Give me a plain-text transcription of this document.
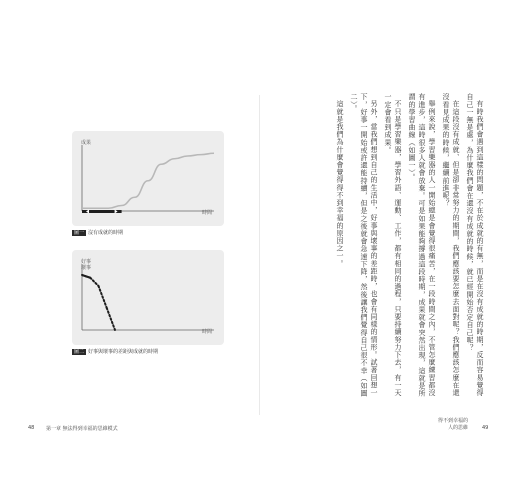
成果
時間
圖一 沒有成就的時期
好事
壞事
時間
圖二 好事與壞事的差距與成就的時期	有時我們會遇到這樣的問題，不在於成就的有無，而是在沒有成就的時期，反而容易覺得自己一無是處，為什麼我們會在還沒有成就的時候，就已經開始否定自己呢？

在這段沒有成就、但是卻非常努力的期間，我們應該要怎麼去面對呢？我們應該怎麼在還沒看見成果的時候，繼續前進呢？

舉例來說，學習樂器的人一開始總是會覺得很痛苦，在一段時間之內，不管怎麼練習都沒有進步，這時很多人就會放棄。可是如果能夠撐過這段時期，成果就會突然出現，這就是所謂的學習曲線（如圖一）。

不只是學習樂器，學習外語、運動、工作，都有相同的過程，只要持續努力下去，有一天一定會看到成果。

另外，當我們想到自己的生活中，好事與壞事的差距時，也會有同樣的情形。試著回想一下，好事一開始或許還能持續，但是之後就會急速下降，然後讓我們覺得自己很不幸（如圖二）。

這就是我們為什麼會覺得得不到幸福的原因之一。

48 第一章 無法得到幸福的思維模式
得不到幸福的
人的思維	49
